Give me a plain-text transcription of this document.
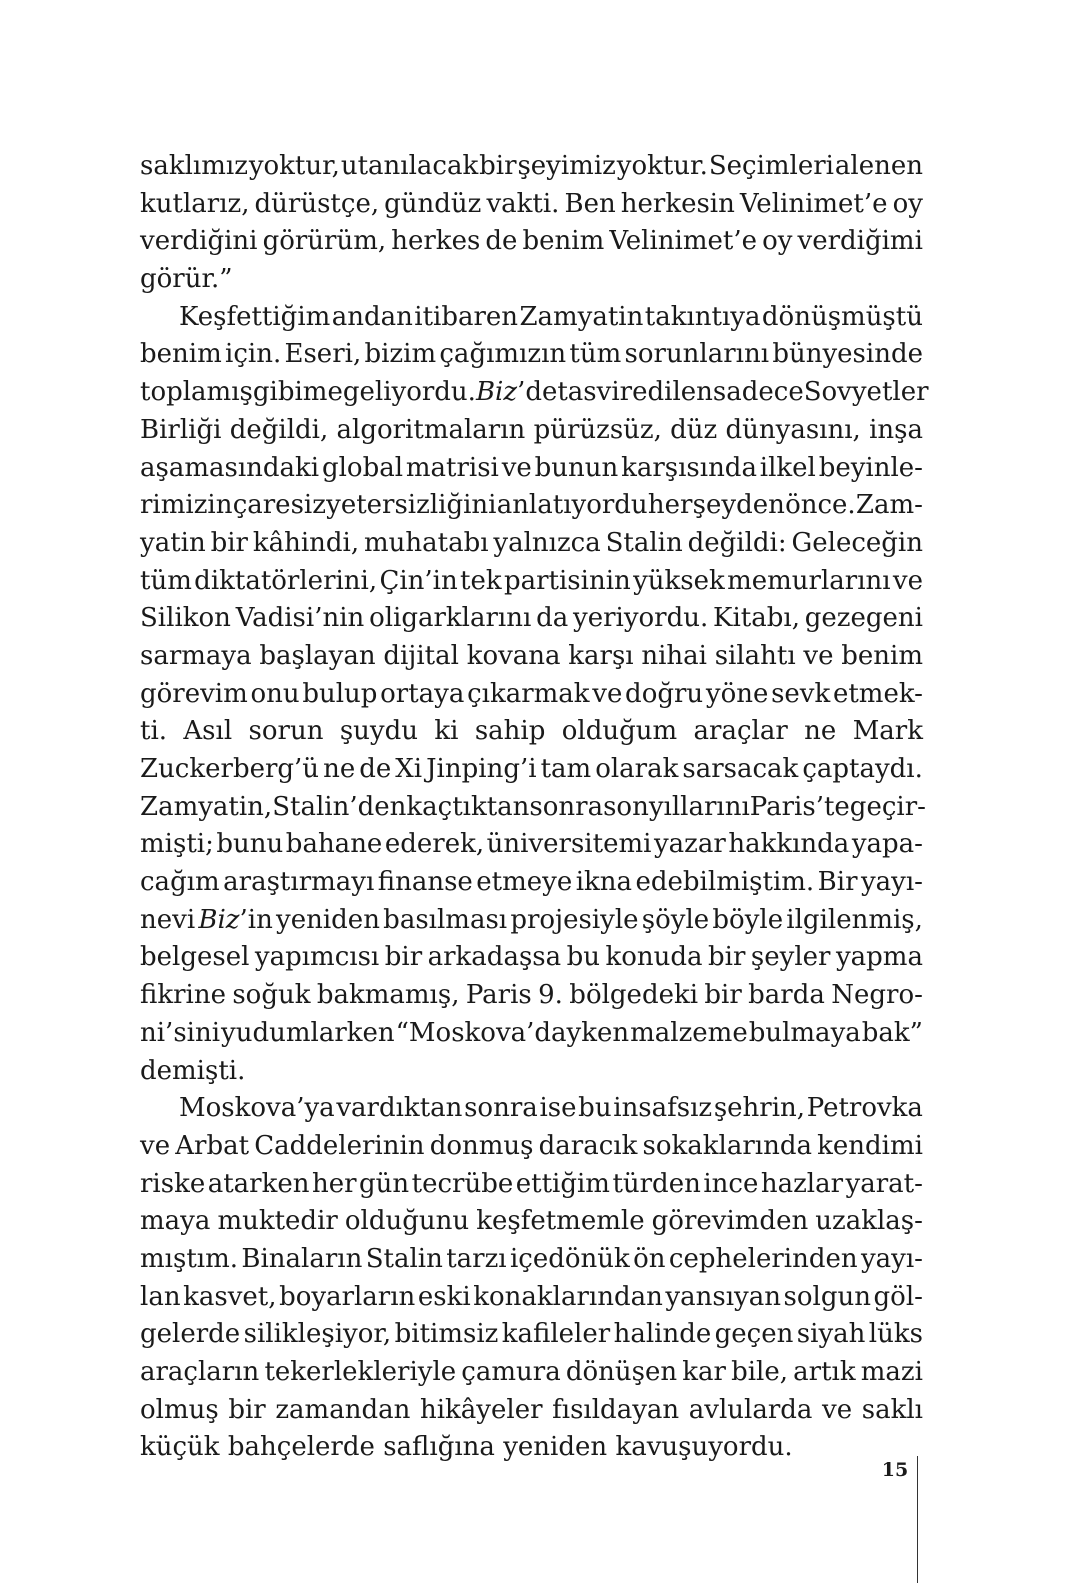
saklımız yoktur, utanılacak bir şeyimiz yoktur. Seçimleri alenen
kutlarız, dürüstçe, gündüz vakti. Ben herkesin Velinimet’e oy
verdiğini görürüm, herkes de benim Velinimet’e oy verdiğimi
görür.”
Keşfettiğim andan itibaren Zamyatin takıntıya dönüşmüştü
benim için. Eseri, bizim çağımızın tüm sorunlarını bünyesinde
toplamış gibime geliyordu. Biz’de tasvir edilen sadece Sovyetler
Birliği değildi, algoritmaların pürüzsüz, düz dünyasını, inşa
aşamasındaki global matrisi ve bunun karşısında ilkel beyinle-
rimizin çaresiz yetersizliğini anlatıyordu her şeyden önce. Zam-
yatin bir kâhindi, muhatabı yalnızca Stalin değildi: Geleceğin
tüm diktatörlerini, Çin’in tek partisinin yüksek memurlarını ve
Silikon Vadisi’nin oligarklarını da yeriyordu. Kitabı, gezegeni
sarmaya başlayan dijital kovana karşı nihai silahtı ve benim
görevim onu bulup ortaya çıkarmak ve doğru yöne sevk etmek-
ti. Asıl sorun şuydu ki sahip olduğum araçlar ne Mark
Zuckerberg’ü ne de Xi Jinping’i tam olarak sarsacak çaptaydı.
Zamyatin, Stalin’den kaçtıktan sonra son yıllarını Paris’te geçir-
mişti; bunu bahane ederek, üniversitemi yazar hakkında yapa-
cağım araştırmayı finanse etmeye ikna edebilmiştim. Bir yayı-
nevi Biz’in yeniden basılması projesiyle şöyle böyle ilgilenmiş,
belgesel yapımcısı bir arkadaşsa bu konuda bir şeyler yapma
fikrine soğuk bakmamış, Paris 9. bölgedeki bir barda Negro-
ni’sini yudumlarken “Moskova’dayken malzeme bulmaya bak”
demişti.
Moskova’ya vardıktan sonra ise bu insafsız şehrin, Petrovka
ve Arbat Caddelerinin donmuş daracık sokaklarında kendimi
riske atarken her gün tecrübe ettiğim türden ince hazlar yarat-
maya muktedir olduğunu keşfetmemle görevimden uzaklaş-
mıştım. Binaların Stalin tarzı içedönük ön cephelerinden yayı-
lan kasvet, boyarların eski konaklarından yansıyan solgun göl-
gelerde silikleşiyor, bitimsiz kafileler halinde geçen siyah lüks
araçların tekerlekleriyle çamura dönüşen kar bile, artık mazi
olmuş bir zamandan hikâyeler fısıldayan avlularda ve saklı
küçük bahçelerde saflığına yeniden kavuşuyordu.
15
